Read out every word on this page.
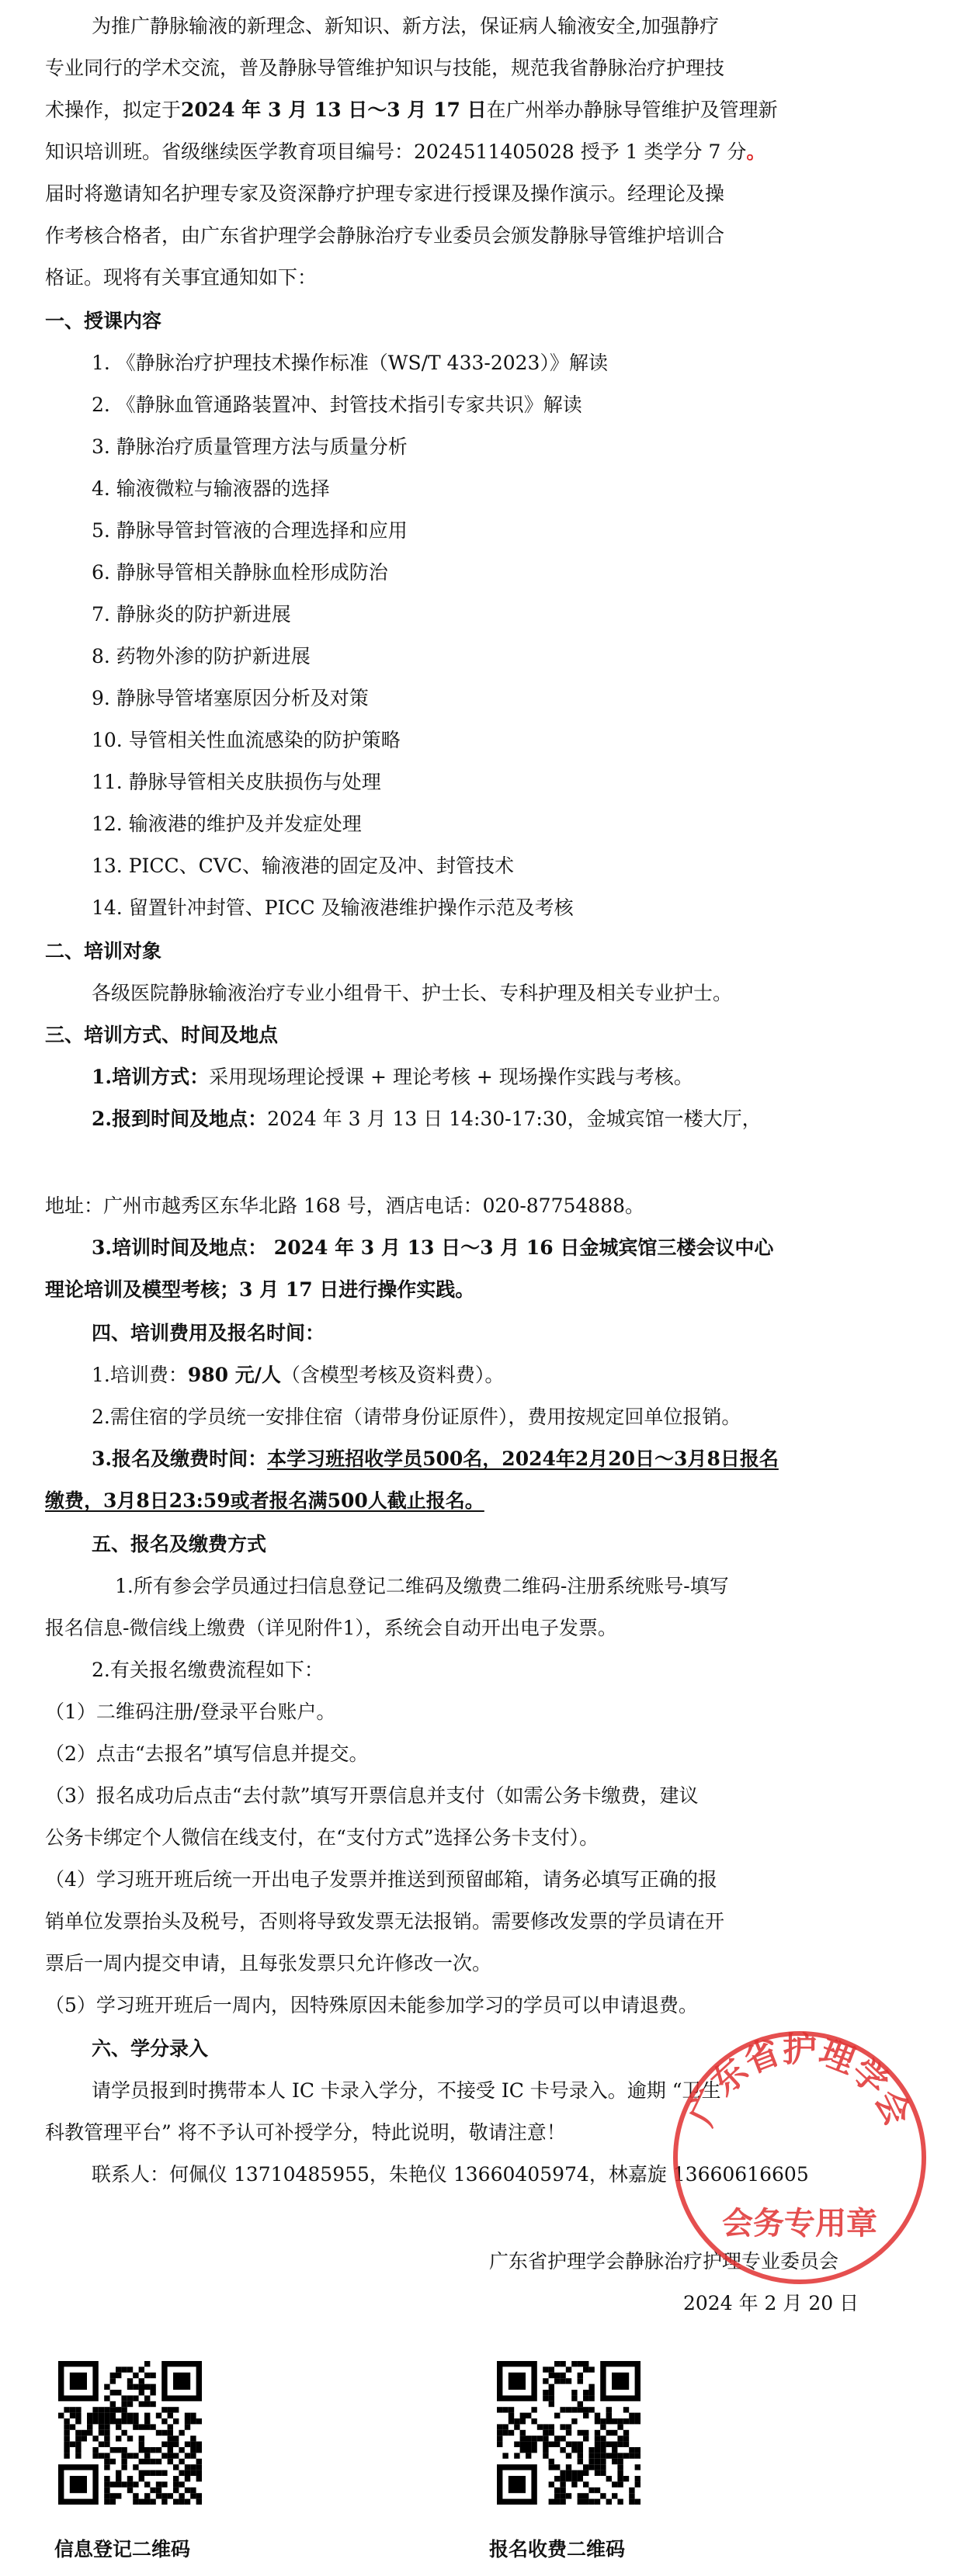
为推广静脉输液的新理念、新知识、新方法，保证病人输液安全,加强静疗
专业同行的学术交流，普及静脉导管维护知识与技能，规范我省静脉治疗护理技
术操作，拟定于2024 年 3 月 13 日～3 月 17 日在广州举办静脉导管维护及管理新
知识培训班。省级继续医学教育项目编号：2024511405028 授予 1 类学分 7 分。
届时将邀请知名护理专家及资深静疗护理专家进行授课及操作演示。经理论及操
作考核合格者，由广东省护理学会静脉治疗专业委员会颁发静脉导管维护培训合
格证。现将有关事宜通知如下：
一、授课内容
1. 《静脉治疗护理技术操作标准（WS/T 433-2023）》解读
2. 《静脉血管通路装置冲、封管技术指引专家共识》解读
3. 静脉治疗质量管理方法与质量分析
4. 输液微粒与输液器的选择
5. 静脉导管封管液的合理选择和应用
6. 静脉导管相关静脉血栓形成防治
7. 静脉炎的防护新进展
8. 药物外渗的防护新进展
9. 静脉导管堵塞原因分析及对策
10. 导管相关性血流感染的防护策略
11. 静脉导管相关皮肤损伤与处理
12. 输液港的维护及并发症处理
13. PICC、CVC、输液港的固定及冲、封管技术
14. 留置针冲封管、PICC 及输液港维护操作示范及考核
二、培训对象
各级医院静脉输液治疗专业小组骨干、护士长、专科护理及相关专业护士。
三、培训方式、时间及地点
1.培训方式：采用现场理论授课 + 理论考核 + 现场操作实践与考核。
2.报到时间及地点：2024 年 3 月 13 日 14:30-17:30，金城宾馆一楼大厅，
地址：广州市越秀区东华北路 168 号，酒店电话：020-87754888。
3.培训时间及地点： 2024 年 3 月 13 日～3 月 16 日金城宾馆三楼会议中心
理论培训及模型考核；3 月 17 日进行操作实践。
四、培训费用及报名时间：
1.培训费：980 元/人（含模型考核及资料费）。
2.需住宿的学员统一安排住宿（请带身份证原件），费用按规定回单位报销。
3.报名及缴费时间：本学习班招收学员500名，2024年2月20日～3月8日报名
缴费，3月8日23:59或者报名满500人截止报名。
五、报名及缴费方式
1.所有参会学员通过扫信息登记二维码及缴费二维码-注册系统账号-填写
报名信息-微信线上缴费（详见附件1），系统会自动开出电子发票。
2.有关报名缴费流程如下：
（1）二维码注册/登录平台账户。
（2）点击“去报名”填写信息并提交。
（3）报名成功后点击“去付款”填写开票信息并支付（如需公务卡缴费，建议
公务卡绑定个人微信在线支付，在“支付方式”选择公务卡支付）。
（4）学习班开班后统一开出电子发票并推送到预留邮箱，请务必填写正确的报
销单位发票抬头及税号，否则将导致发票无法报销。需要修改发票的学员请在开
票后一周内提交申请，且每张发票只允许修改一次。
（5）学习班开班后一周内，因特殊原因未能参加学习的学员可以申请退费。
六、学分录入
请学员报到时携带本人 IC 卡录入学分，不接受 IC 卡号录入。逾期 “卫生
科教管理平台” 将不予认可补授学分，特此说明，敬请注意！
联系人：何佩仪 13710485955，朱艳仪 13660405974，林嘉旋 13660616605
广东省护理学会静脉治疗护理专业委员会
2024 年 2 月 20 日
广东省护理学会
会务专用章
信息登记二维码	报名收费二维码
